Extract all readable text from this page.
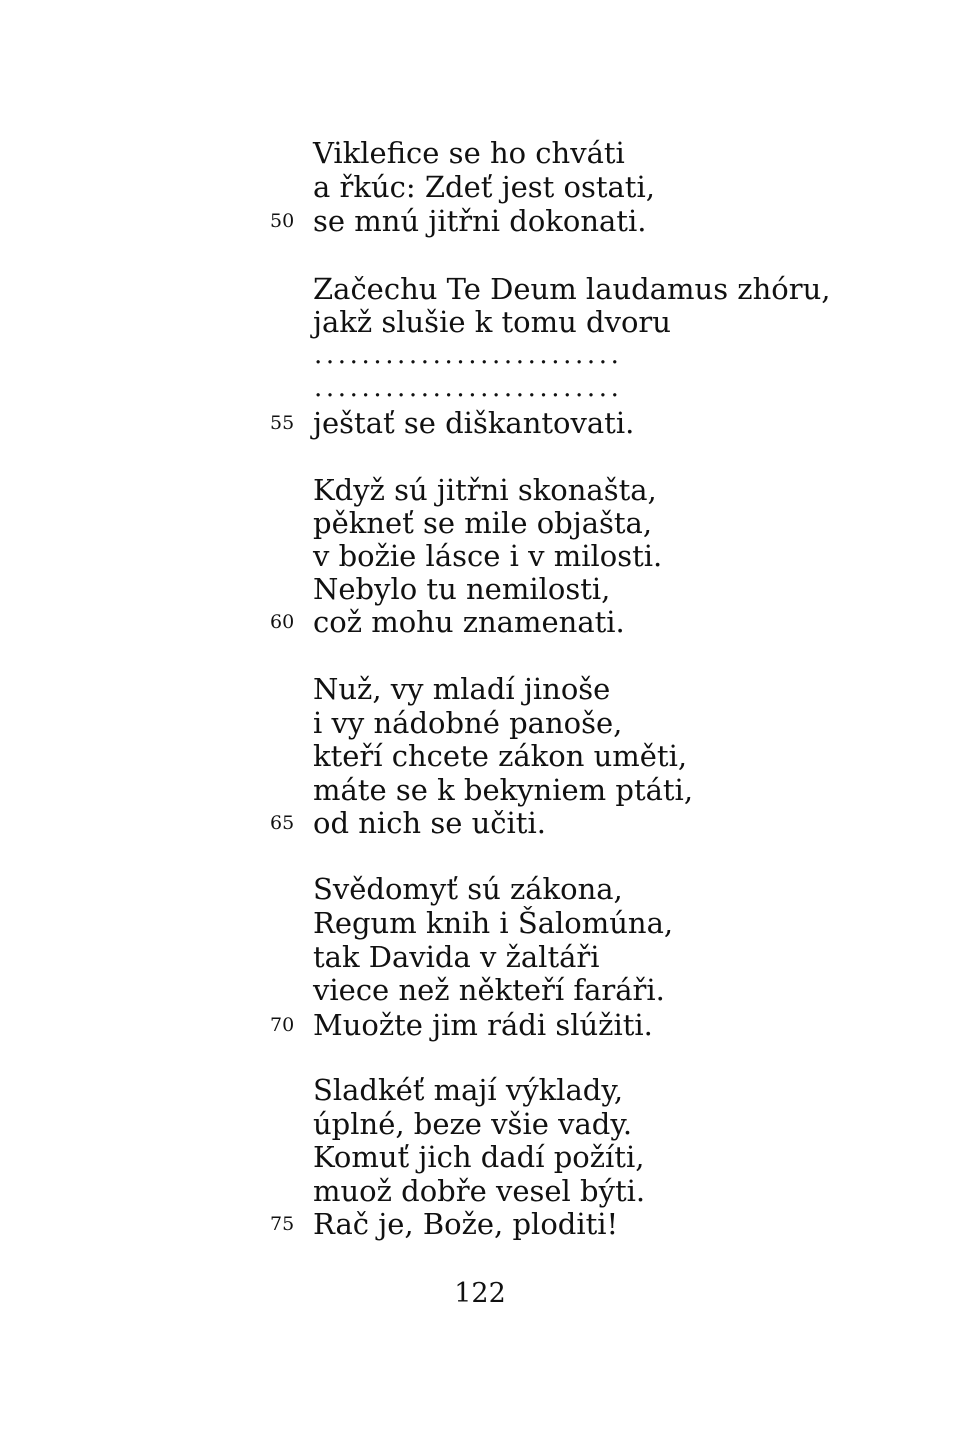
Viklefice se ho chváti
a řkúc: Zdeť jest ostati,
50 se mnú jitřni dokonati.
Začechu Te Deum laudamus zhóru,
jakž slušie k tomu dvoru
..........................
..........................
55 ještať se diškantovati.
Když sú jitřni skonašta,
pěkneť se mile objašta,
v božie lásce i v milosti.
Nebylo tu nemilosti,
60 což mohu znamenati.
Nuž, vy mladí jinoše
i vy nádobné panoše,
kteří chcete zákon uměti,
máte se k bekyniem ptáti,
65 od nich se učiti.
Svědomyť sú zákona,
Regum knih i Šalomúna,
tak Davida v žaltáři
viece než někteří faráři.
70 Muožte jim rádi slúžiti.
Sladkéť mají výklady,
úplné, beze všie vady.
Komuť jich dadí požíti,
muož dobře vesel býti.
75 Rač je, Bože, ploditi!
122
